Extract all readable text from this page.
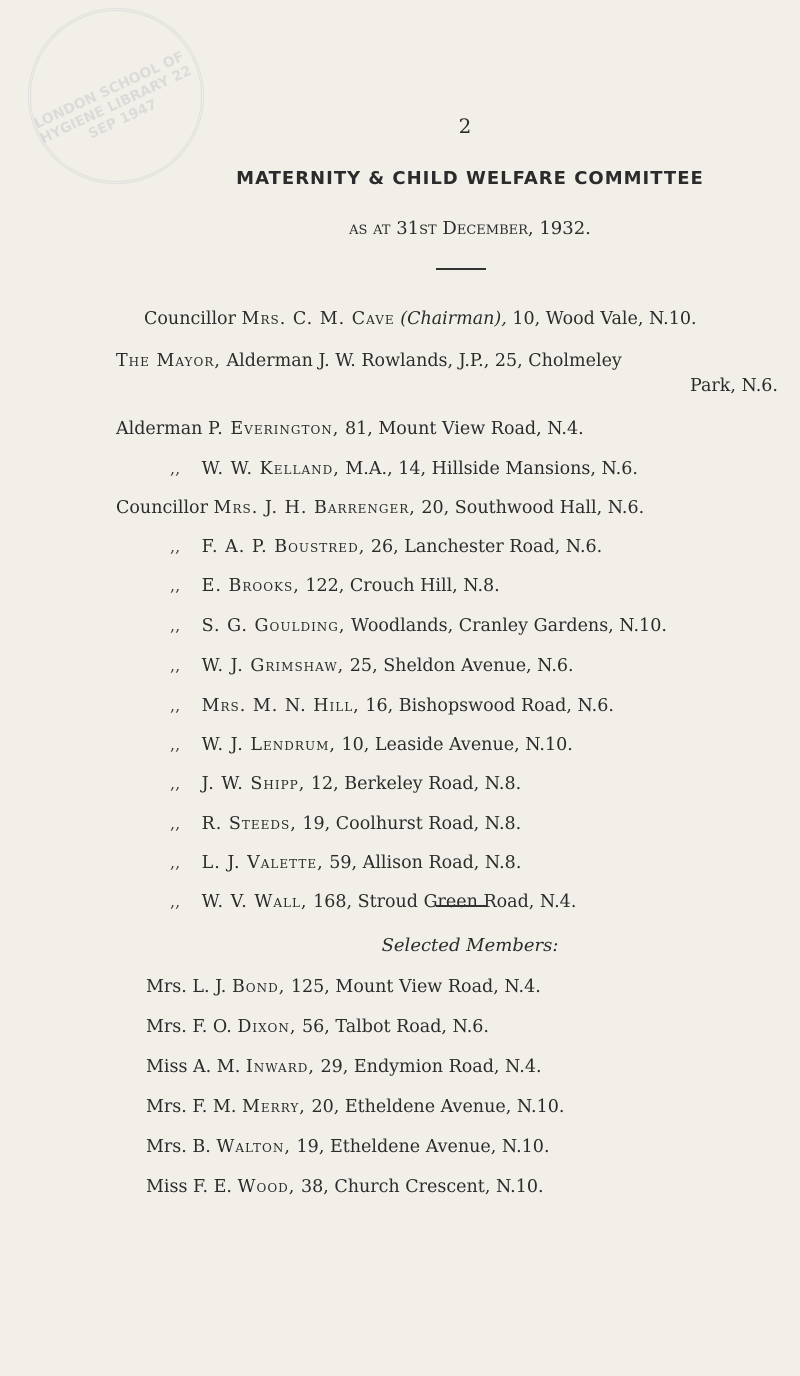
LONDON SCHOOL OF HYGIENE LIBRARY 22 SEP 1947	2
MATERNITY & CHILD WELFARE COMMITTEE
as at 31st December, 1932.
Councillor Mrs. C. M. Cave (Chairman), 10, Wood Vale, N.10.
The Mayor, Alderman J. W. Rowlands, J.P., 25, Cholmeley
Park, N.6.
Alderman P. Everington, 81, Mount View Road, N.4.
,, W. W. Kelland, M.A., 14, Hillside Mansions, N.6.
Councillor Mrs. J. H. Barrenger, 20, Southwood Hall, N.6.
,, F. A. P. Boustred, 26, Lanchester Road, N.6.
,, E. Brooks, 122, Crouch Hill, N.8.
,, S. G. Goulding, Woodlands, Cranley Gardens, N.10.
,, W. J. Grimshaw, 25, Sheldon Avenue, N.6.
,, Mrs. M. N. Hill, 16, Bishopswood Road, N.6.
,, W. J. Lendrum, 10, Leaside Avenue, N.10.
,, J. W. Shipp, 12, Berkeley Road, N.8.
,, R. Steeds, 19, Coolhurst Road, N.8.
,, L. J. Valette, 59, Allison Road, N.8.
,, W. V. Wall, 168, Stroud Green Road, N.4.
Selected Members:
Mrs. L. J. Bond, 125, Mount View Road, N.4.
Mrs. F. O. Dixon, 56, Talbot Road, N.6.
Miss A. M. Inward, 29, Endymion Road, N.4.
Mrs. F. M. Merry, 20, Etheldene Avenue, N.10.
Mrs. B. Walton, 19, Etheldene Avenue, N.10.
Miss F. E. Wood, 38, Church Crescent, N.10.
